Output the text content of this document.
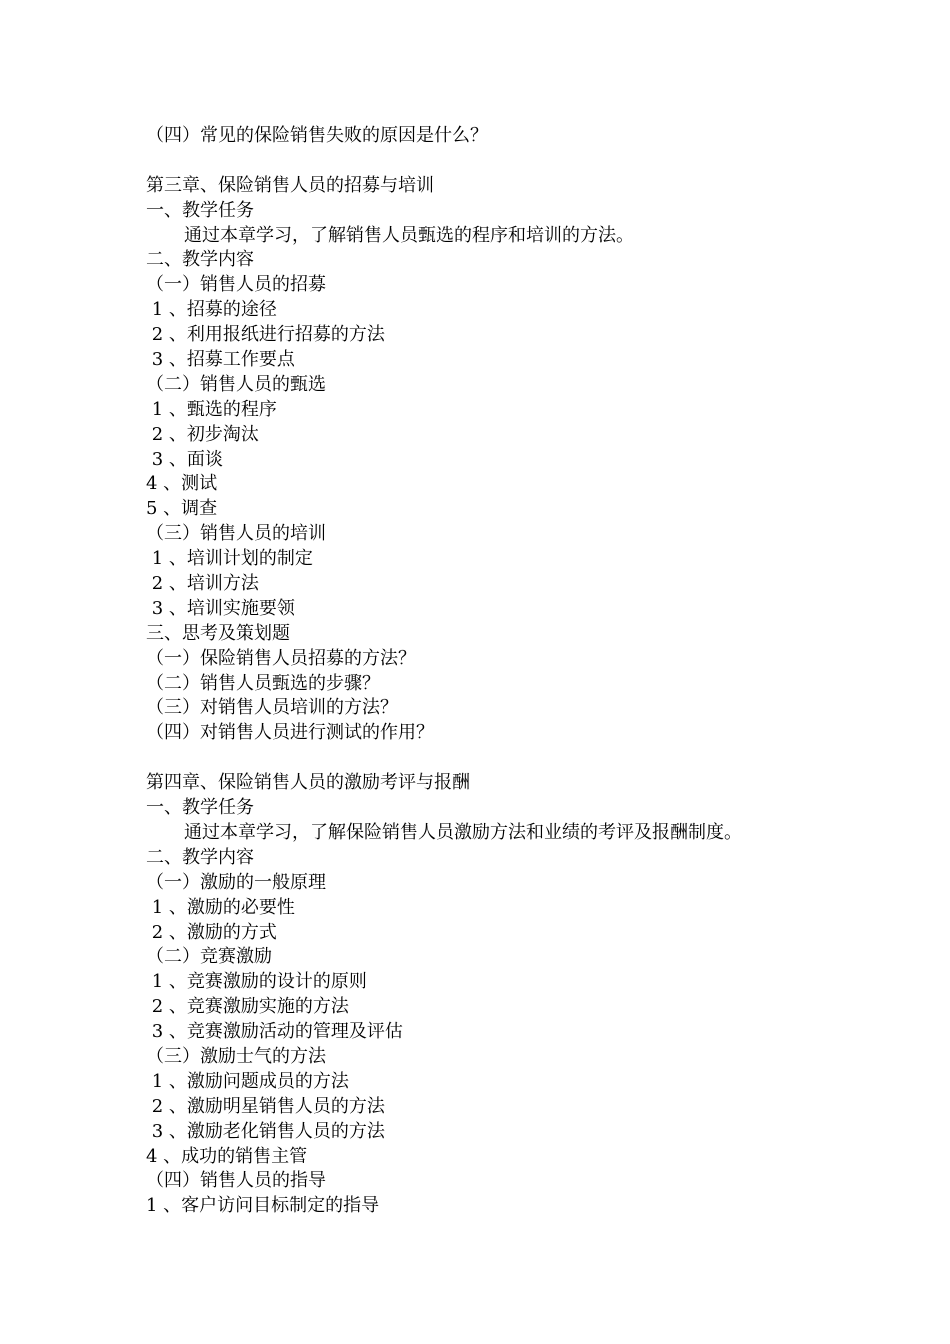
（四）常见的保险销售失败的原因是什么？
第三章、保险销售人员的招募与培训
一、教学任务
通过本章学习，了解销售人员甄选的程序和培训的方法。
二、教学内容
（一）销售人员的招募
1 、招募的途径
2 、利用报纸进行招募的方法
3 、招募工作要点
（二）销售人员的甄选
1 、甄选的程序
2 、初步淘汰
3 、面谈
4 、测试
5 、调查
（三）销售人员的培训
1 、培训计划的制定
2 、培训方法
3 、培训实施要领
三、思考及策划题
（一）保险销售人员招募的方法？
（二）销售人员甄选的步骤？
（三）对销售人员培训的方法？
（四）对销售人员进行测试的作用？
第四章、保险销售人员的激励考评与报酬
一、教学任务
通过本章学习，了解保险销售人员激励方法和业绩的考评及报酬制度。
二、教学内容
（一）激励的一般原理
1 、激励的必要性
2 、激励的方式
（二）竞赛激励
1 、竞赛激励的设计的原则
2 、竞赛激励实施的方法
3 、竞赛激励活动的管理及评估
（三）激励士气的方法
1 、激励问题成员的方法
2 、激励明星销售人员的方法
3 、激励老化销售人员的方法
4 、成功的销售主管
（四）销售人员的指导
1 、客户访问目标制定的指导
